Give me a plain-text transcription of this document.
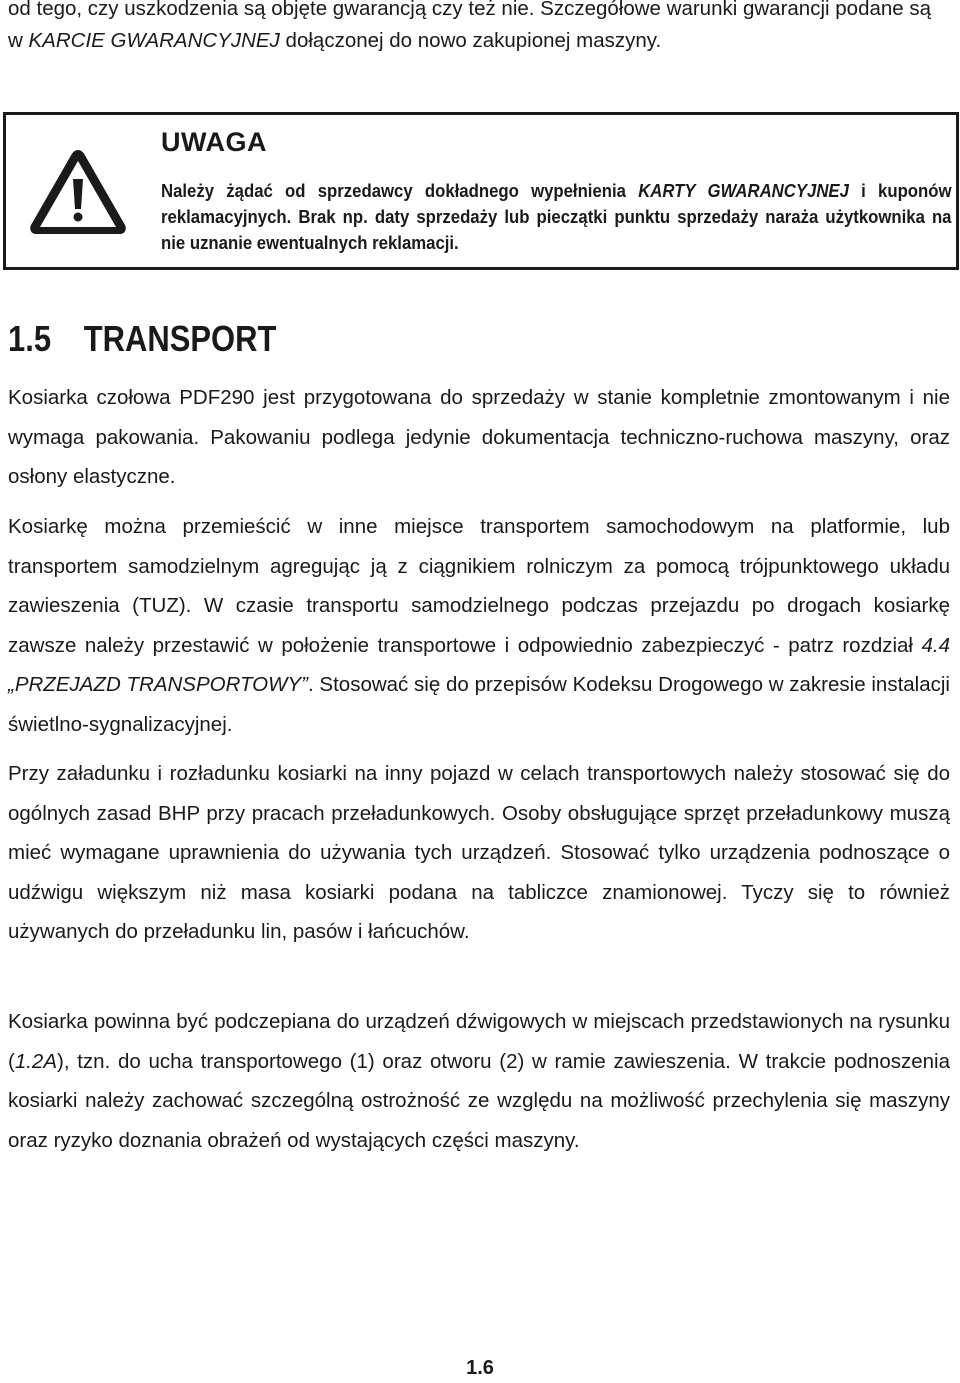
od tego, czy uszkodzenia są objęte gwarancją czy też nie. Szczegółowe warunki gwarancji podane są w KARCIE GWARANCYJNEJ dołączonej do nowo zakupionej maszyny.

UWAGA
Należy żądać od sprzedawcy dokładnego wypełnienia KARTY GWARANCYJNEJ i kuponów reklamacyjnych. Brak np. daty sprzedaży lub pieczątki punktu sprzedaży naraża użytkownika na nie uznanie ewentualnych reklamacji.
1.5 TRANSPORT

Kosiarka czołowa PDF290 jest przygotowana do sprzedaży w stanie kompletnie zmontowanym i nie wymaga pakowania. Pakowaniu podlega jedynie dokumentacja techniczno-ruchowa maszyny, oraz osłony elastyczne.

Kosiarkę można przemieścić w inne miejsce transportem samochodowym na platformie, lub transportem samodzielnym agregując ją z ciągnikiem rolniczym za pomocą trójpunktowego układu zawieszenia (TUZ). W czasie transportu samodzielnego podczas przejazdu po drogach kosiarkę zawsze należy przestawić w położenie transportowe i odpowiednio zabezpieczyć - patrz rozdział 4.4 „PRZEJAZD TRANSPORTOWY”. Stosować się do przepisów Kodeksu Drogowego w zakresie instalacji świetlno-sygnalizacyjnej.

Przy załadunku i rozładunku kosiarki na inny pojazd w celach transportowych należy stosować się do ogólnych zasad BHP przy pracach przeładunkowych. Osoby obsługujące sprzęt przeładunkowy muszą mieć wymagane uprawnienia do używania tych urządzeń. Stosować tylko urządzenia podnoszące o udźwigu większym niż masa kosiarki podana na tabliczce znamionowej. Tyczy się to również używanych do przeładunku lin, pasów i łańcuchów.

Kosiarka powinna być podczepiana do urządzeń dźwigowych w miejscach przedstawionych na rysunku (1.2A), tzn. do ucha transportowego (1) oraz otworu (2) w ramie zawieszenia. W trakcie podnoszenia kosiarki należy zachować szczególną ostrożność ze względu na możliwość przechylenia się maszyny oraz ryzyko doznania obrażeń od wystających części maszyny.

1.6
